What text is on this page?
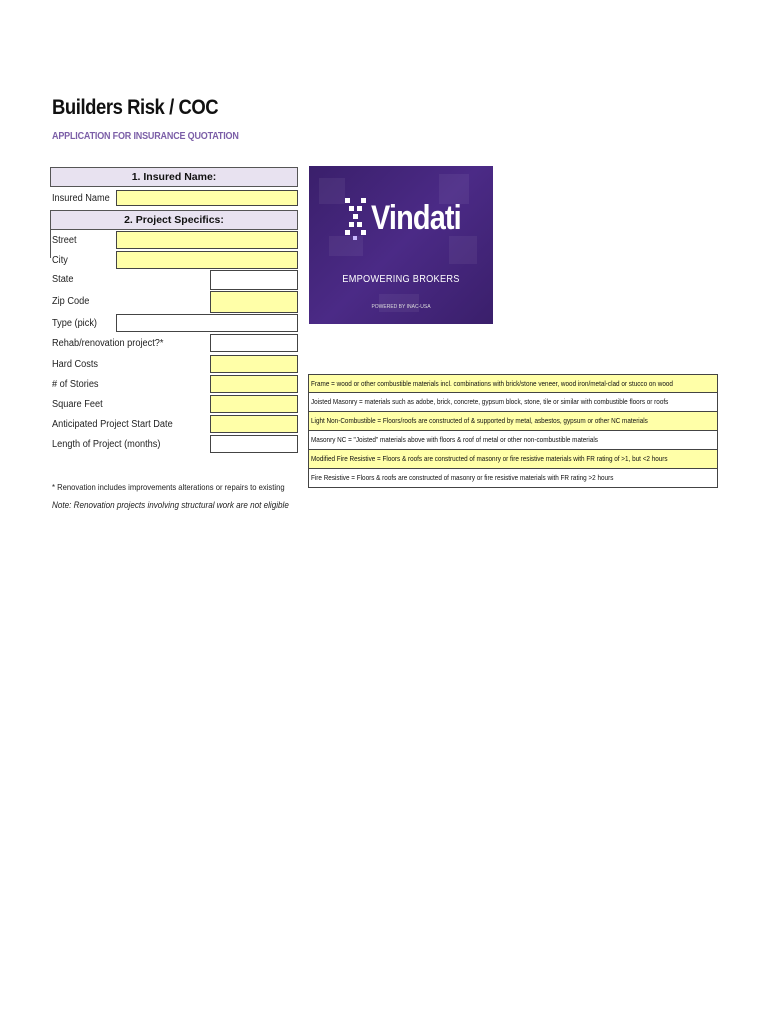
Builders Risk / COC
APPLICATION FOR INSURANCE QUOTATION
1. Insured Name:
Insured Name
2. Project Specifics:
Street
City
State
Zip Code
Type (pick)
Rehab/renovation project?*
Hard Costs
# of Stories
Square Feet
Anticipated Project Start Date
Length of Project (months)
* Renovation includes improvements alterations or repairs to existing
Note: Renovation projects involving structural work are not eligible
Vindati
EMPOWERING BROKERS
POWERED BY INAC-USA
Frame = wood or other combustible materials incl. combinations with brick/stone veneer, wood iron/metal-clad or stucco on wood
Joisted Masonry = materials such as adobe, brick, concrete, gypsum block, stone, tile or similar with combustible floors or roofs
Light Non-Combustible = Floors/roofs are constructed of & supported by metal, asbestos, gypsum or other NC materials
Masonry NC = "Joisted" materials above with floors & roof of metal or other non-combustible materials
Modified Fire Resistive = Floors & roofs are constructed of masonry or fire resistive materials with FR rating of >1, but <2 hours
Fire Resistive = Floors & roofs are constructed of masonry or fire resistive materials with FR rating >2 hours
